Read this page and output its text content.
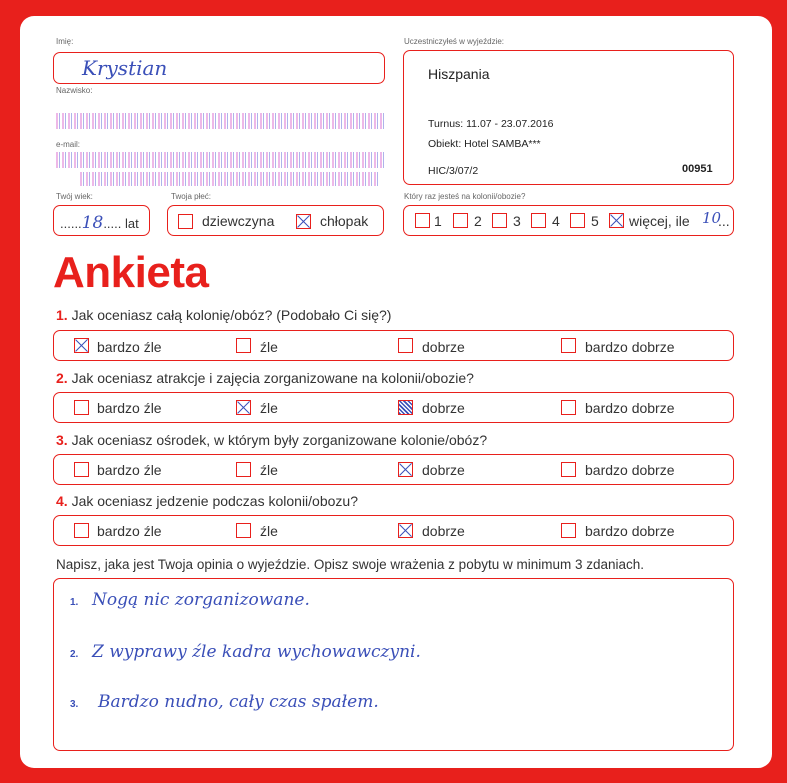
Imię:
Krystian
Nazwisko:
e-mail:
Twój wiek:
......18..... lat
Twoja płeć:
dziewczyna	chłopak
Uczestniczyłeś w wyjeździe:
Hiszpania
Turnus: 11.07 - 23.07.2016
Obiekt: Hotel SAMBA***
HIC/3/07/2	00951
Który raz jesteś na kolonii/obozie?
1 2 3 4 5 więcej, ile 10
...
Ankieta
1. Jak oceniasz całą kolonię/obóz? (Podobało Ci się?)
bardzo źle	źle	dobrze	bardzo dobrze
2. Jak oceniasz atrakcje i zajęcia zorganizowane na kolonii/obozie?
bardzo źle	źle	dobrze	bardzo dobrze
3. Jak oceniasz ośrodek, w którym były zorganizowane kolonie/obóz?
bardzo źle	źle	dobrze	bardzo dobrze
4. Jak oceniasz jedzenie podczas kolonii/obozu?
bardzo źle	źle	dobrze	bardzo dobrze
Napisz, jaka jest Twoja opinia o wyjeździe. Opisz swoje wrażenia z pobytu w minimum 3 zdaniach.
1. Nogą nic zorganizowane.
2. Z wyprawy źle kadra wychowawczyni.
3. Bardzo nudno, cały czas spałem.
